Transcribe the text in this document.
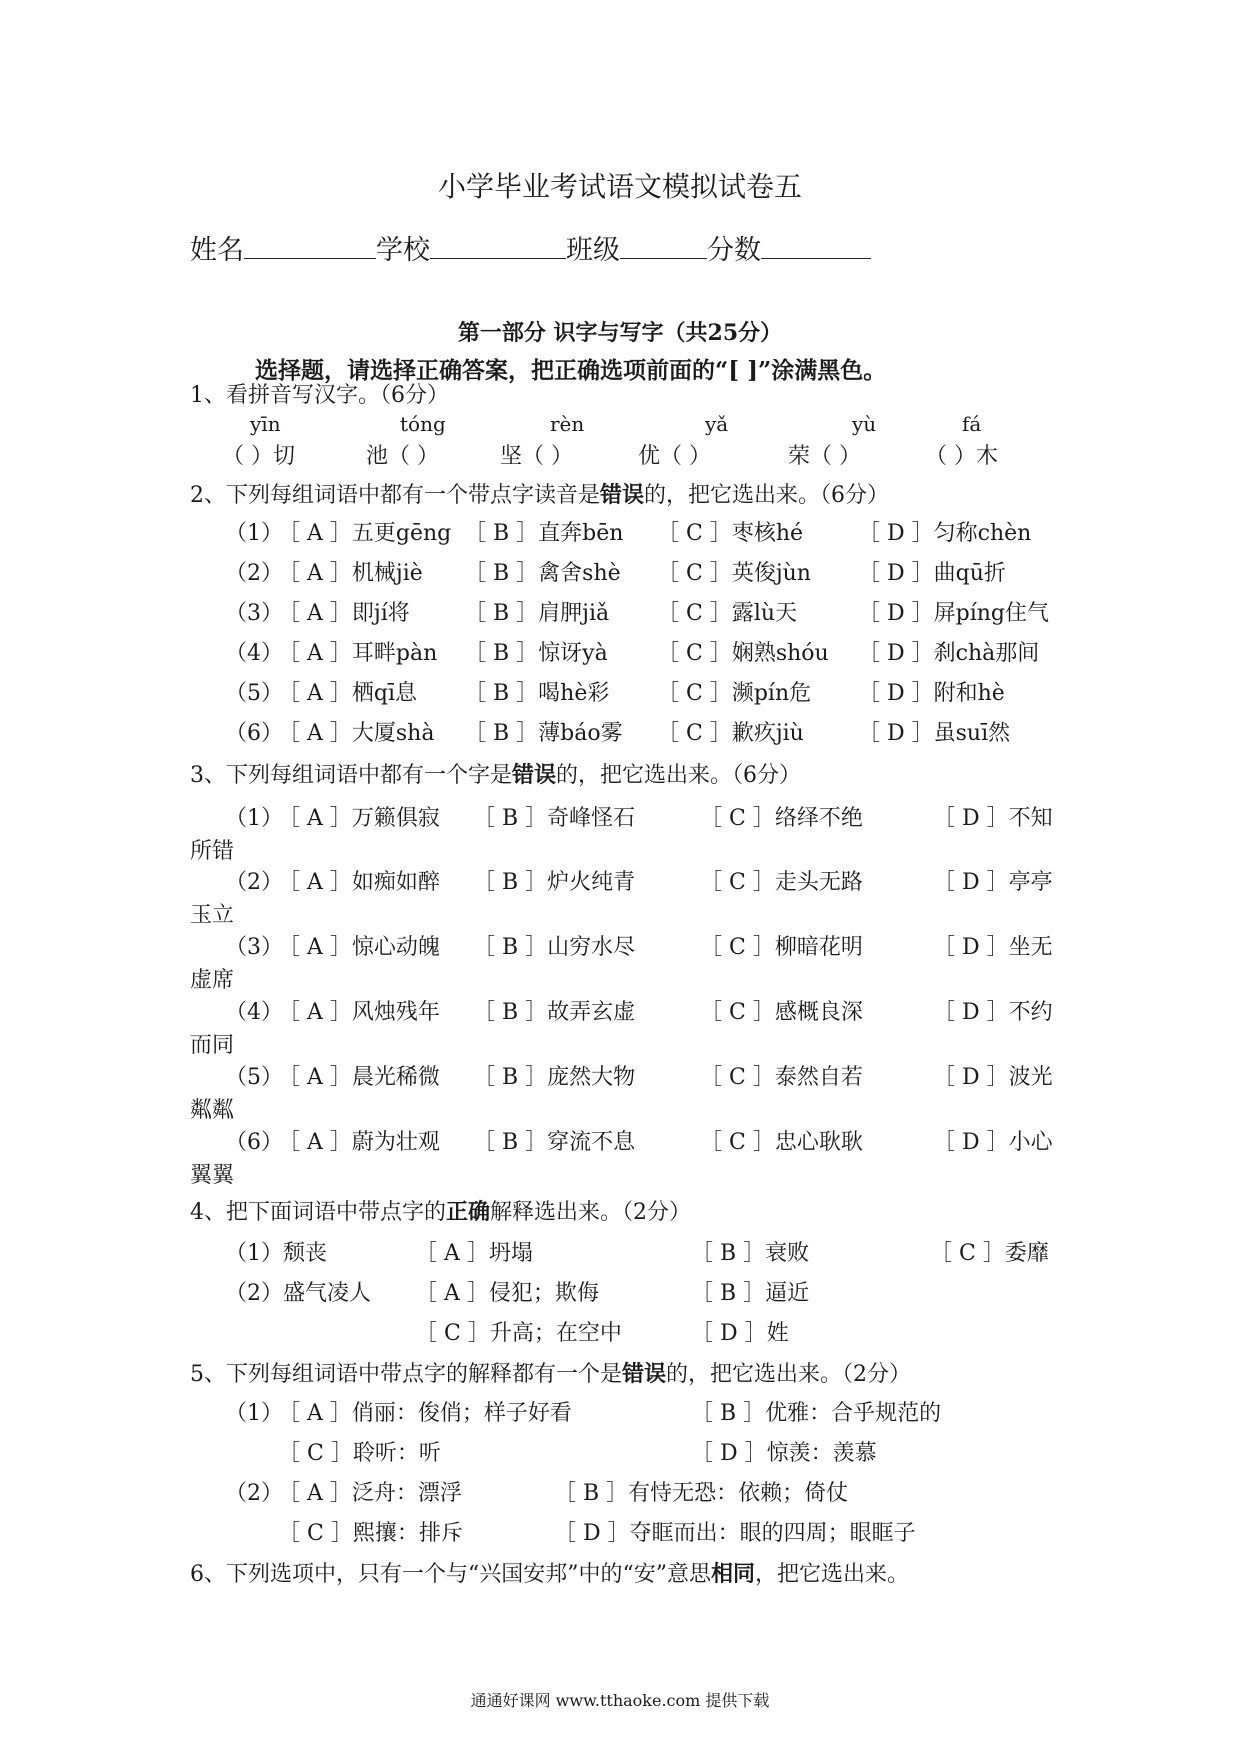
小学毕业考试语文模拟试卷五
姓名	学校	班级	分数
第一部分 识字与写字（共25分）
选择题，请选择正确答案，把正确选项前面的“[ ]”涂满黑色。
1、看拼音写汉字。（6分）
yīn	tóng	rèn	yǎ	yù	fá
（ ）切	池（ ）	坚（ ）	优（ ）	荣（ ）	（ ）木
2、下列每组词语中都有一个带点字读音是错误的，把它选出来。（6分）
（1）
［ A ］五更gēng ［ B ］直奔bēn ［ C ］枣核hé ［ D ］匀称chèn
（2）
［ A ］机械jiè ［ B ］禽舍shè ［ C ］英俊jùn ［ D ］曲qū折
（3）
［ A ］即jí将 ［ B ］肩胛jiǎ ［ C ］露lù天	［ D ］屏píng住气
（4）
［ A ］耳畔pàn ［ B ］惊讶yà ［ C ］娴熟shóu ［ D ］刹chà那间
（5）
［ A ］栖qī息 ［ B ］喝hè彩 ［ C ］濒pín危 ［ D ］附和hè
（6）
［ A ］大厦shà ［ B ］薄báo雾 ［ C ］歉疚jiù ［ D ］虽suī然
3、下列每组词语中都有一个字是错误的，把它选出来。（6分）
（1）
［ A ］万籁俱寂 ［ B ］奇峰怪石	［ C ］络绎不绝	［ D ］不知
所错
（2）
［ A ］如痴如醉 ［ B ］炉火纯青	［ C ］走头无路	［ D ］亭亭
玉立
（3）
［ A ］惊心动魄 ［ B ］山穷水尽	［ C ］柳暗花明	［ D ］坐无
虚席
（4）
［ A ］风烛残年 ［ B ］故弄玄虚	［ C ］感概良深	［ D ］不约
而同
（5）
［ A ］晨光稀微 ［ B ］庞然大物	［ C ］泰然自若	［ D ］波光
粼粼
（6）
［ A ］蔚为壮观 ［ B ］穿流不息	［ C ］忠心耿耿	［ D ］小心
翼翼
4、把下面词语中带点字的正确解释选出来。（2分）
（1）颓丧	［ A ］坍塌	［ B ］衰败	［ C ］委靡
（2）盛气凌人 ［ A ］侵犯；欺侮	［ B ］逼近
［ C ］升高；在空中	［ D ］姓
5、下列每组词语中带点字的解释都有一个是错误的，把它选出来。（2分）
（1）
［ A ］俏丽：俊俏；样子好看	［ B ］优雅：合乎规范的
［ C ］聆听：听	［ D ］惊羡：羡慕
（2）
［ A ］泛舟：漂浮	［ B ］有恃无恐：依赖；倚仗
［ C ］熙攘：排斥	［ D ］夺眶而出：眼的四周；眼眶子
6、下列选项中，只有一个与“兴国安邦”中的“安”意思相同，把它选出来。
通通好课网 www.tthaoke.com 提供下载
